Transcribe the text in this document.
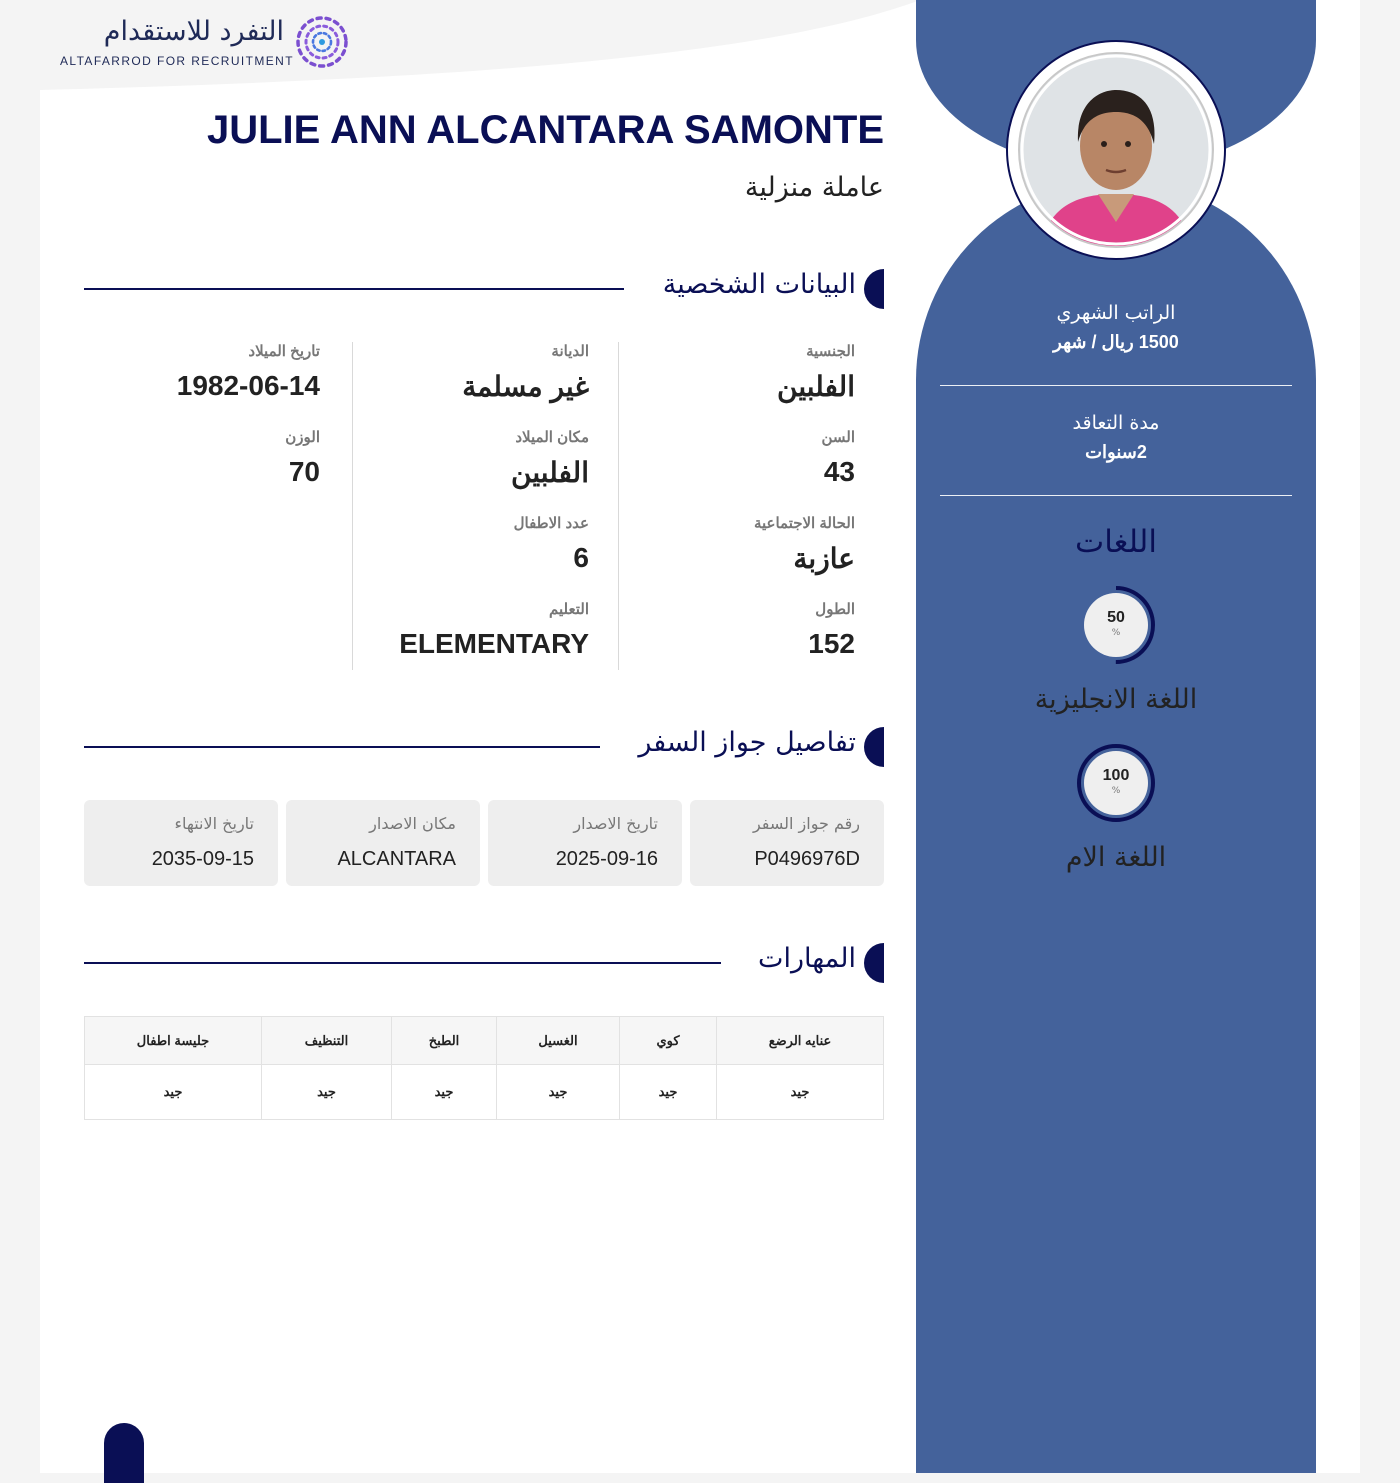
التفرد للاستقدام
ALTAFARROD FOR RECRUITMENT
الراتب الشهري
1500 ريال / شهر
مدة التعاقد
2سنوات
اللغات
50
%
اللغة الانجليزية
100
%
اللغة الام
JULIE ANN ALCANTARA SAMONTE
عاملة منزلية
البيانات الشخصية
الجنسية
الفلبين
السن
43
الحالة الاجتماعية
عازبة
الطول
152
الديانة
غير مسلمة
مكان الميلاد
الفلبين
عدد الاطفال
6
التعليم
ELEMENTARY
تاريخ الميلاد
1982-06-14
الوزن
70
تفاصيل جواز السفر
رقم جواز السفر
P0496976D
تاريخ الاصدار
2025-09-16
مكان الاصدار
ALCANTARA
تاريخ الانتهاء
2035-09-15
المهارات
عنايه الرضع	كوي	الغسيل	الطبخ	التنظيف	جليسة اطفال
جيد	جيد	جيد	جيد	جيد	جيد
